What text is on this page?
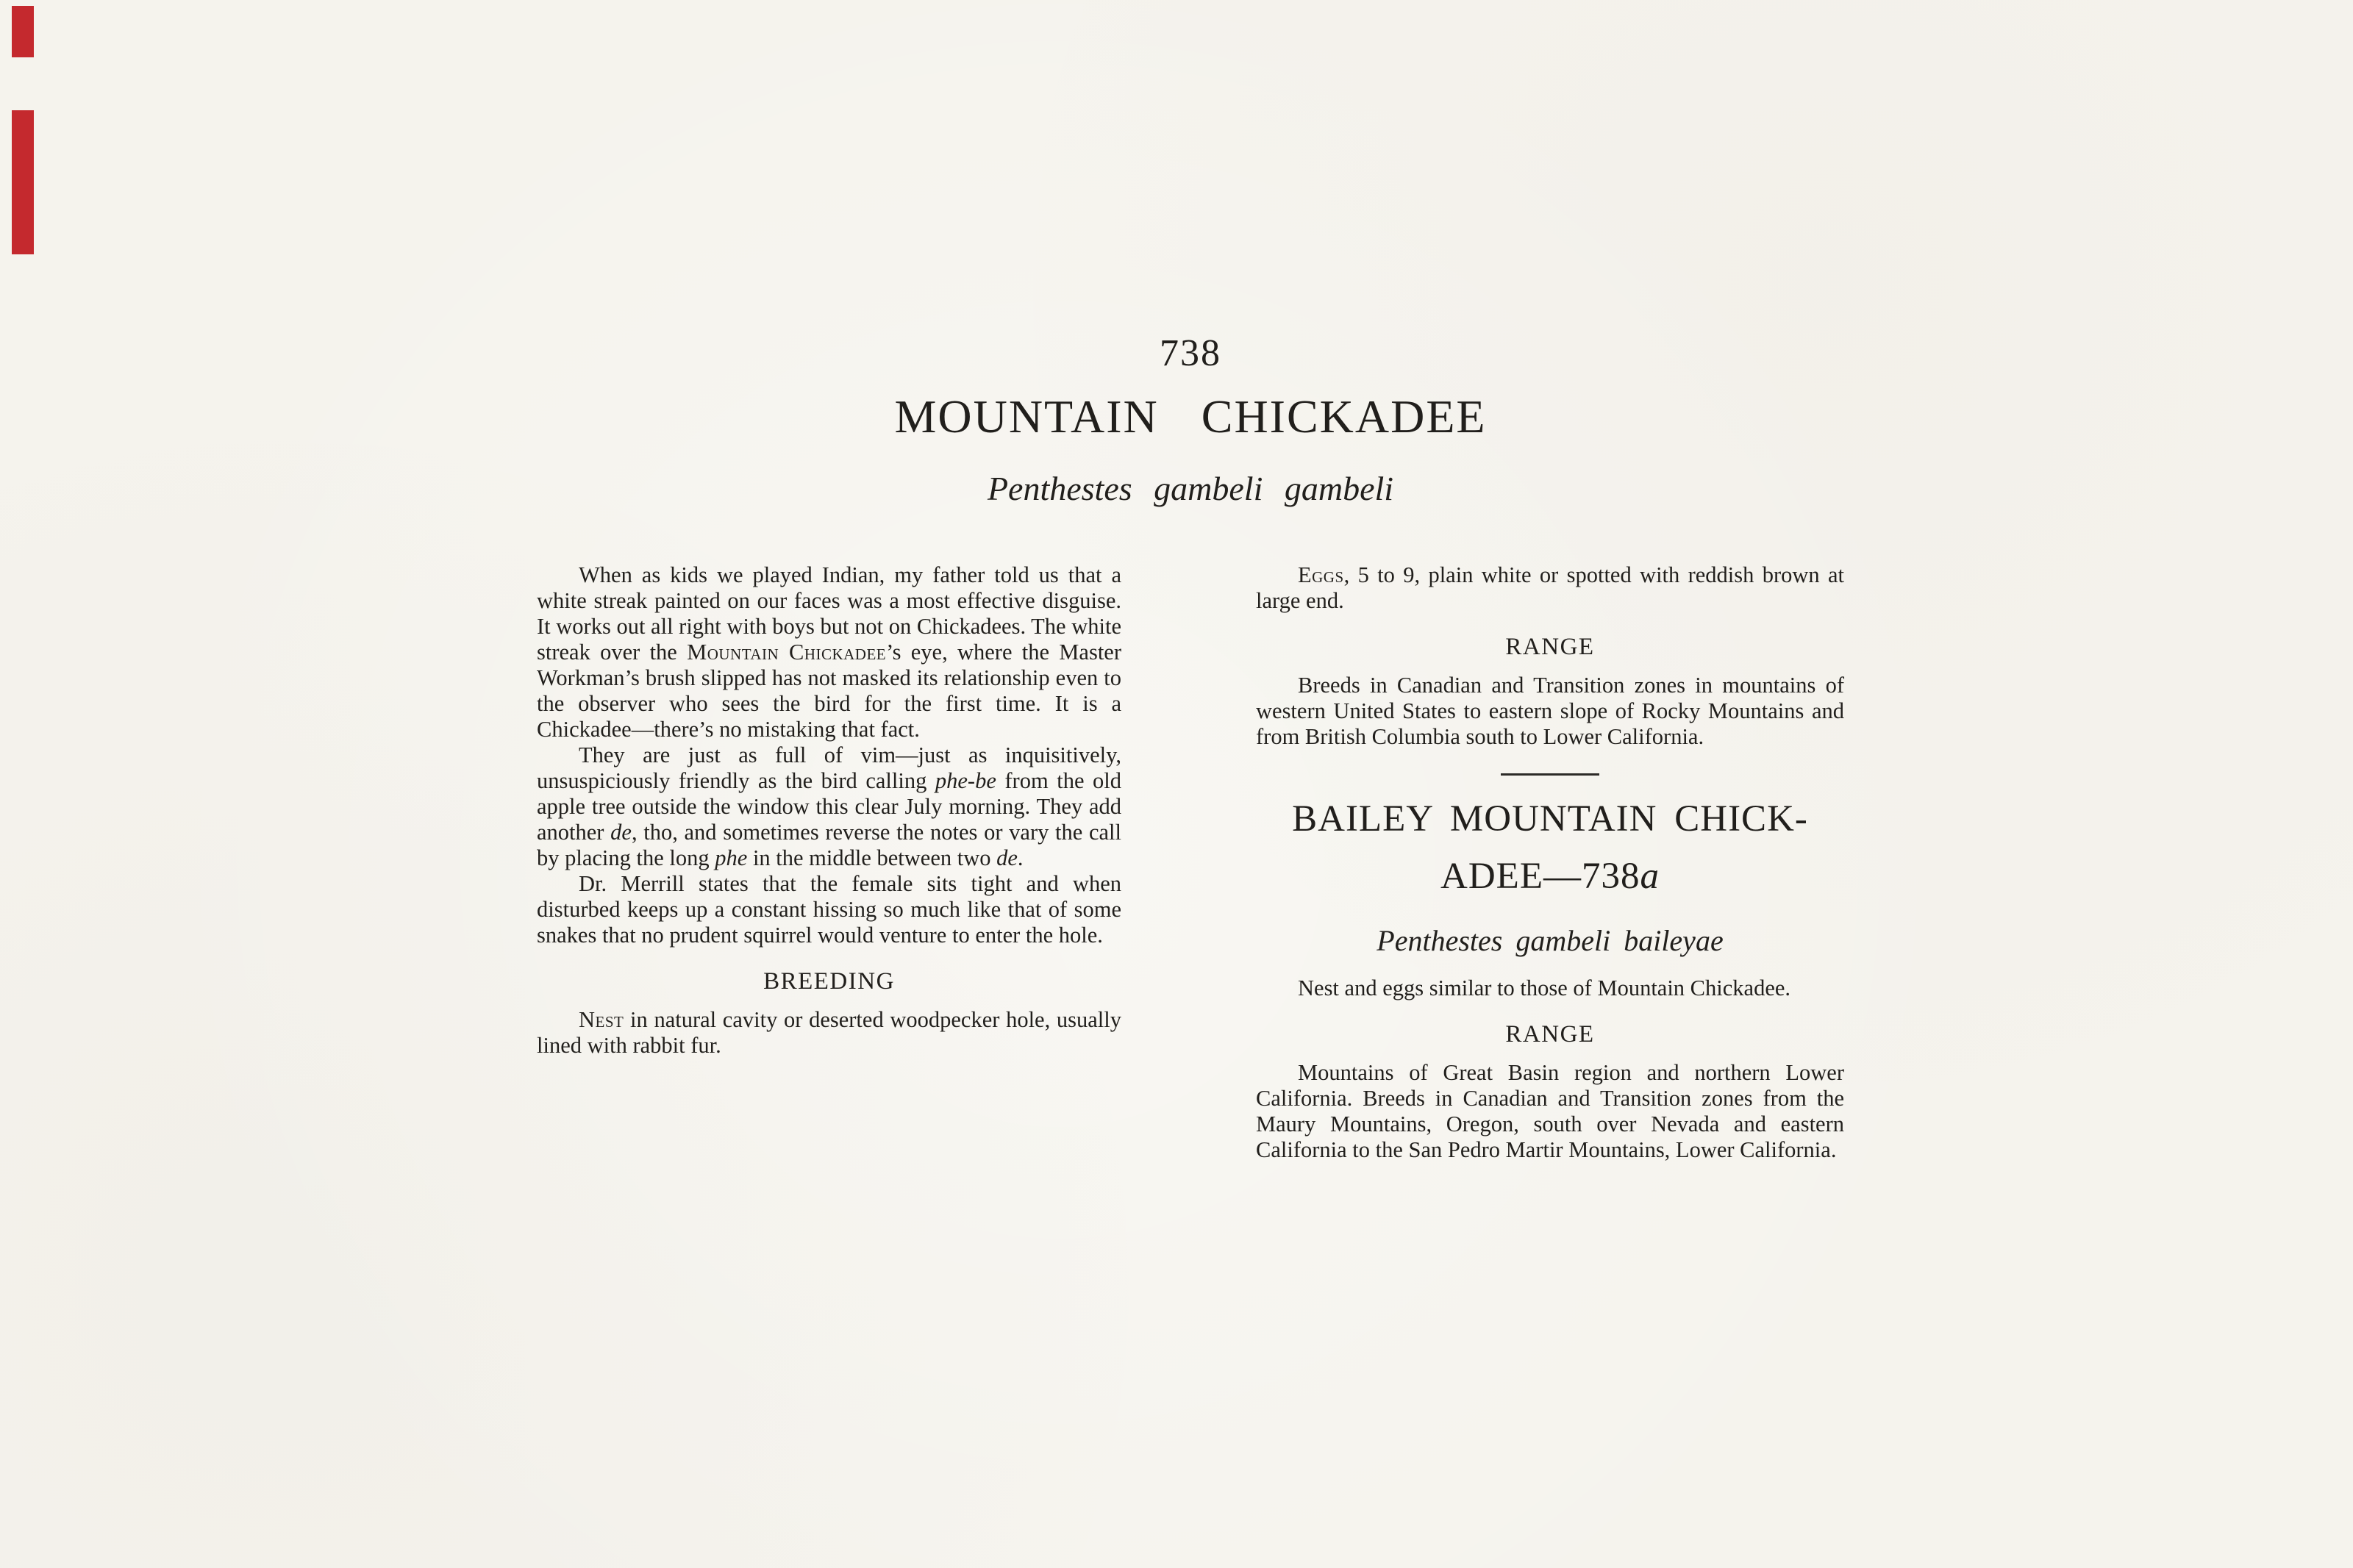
738
MOUNTAIN CHICKADEE
Penthestes gambeli gambeli

When as kids we played Indian, my father told us that a white streak painted on our faces was a most effective disguise. It works out all right with boys but not on Chickadees. The white streak over the Mountain Chickadee’s eye, where the Master Workman’s brush slipped has not masked its relationship even to the observer who sees the bird for the first time. It is a Chickadee—there’s no mistaking that fact.

They are just as full of vim—just as inquisitively, unsuspiciously friendly as the bird calling phe-be from the old apple tree outside the window this clear July morning. They add another de, tho, and sometimes reverse the notes or vary the call by placing the long phe in the middle between two de.

Dr. Merrill states that the female sits tight and when disturbed keeps up a constant hissing so much like that of some snakes that no prudent squirrel would venture to enter the hole.

BREEDING

Nest in natural cavity or deserted woodpecker hole, usually lined with rabbit fur.

Eggs, 5 to 9, plain white or spotted with reddish brown at large end.

RANGE

Breeds in Canadian and Transition zones in mountains of western United States to eastern slope of Rocky Mountains and from British Columbia south to Lower California.

BAILEY MOUNTAIN CHICK-
ADEE—738a
Penthestes gambeli baileyae

Nest and eggs similar to those of Mountain Chickadee.

RANGE

Mountains of Great Basin region and northern Lower California. Breeds in Canadian and Transition zones from the Maury Mountains, Oregon, south over Nevada and eastern California to the San Pedro Martir Mountains, Lower California.
